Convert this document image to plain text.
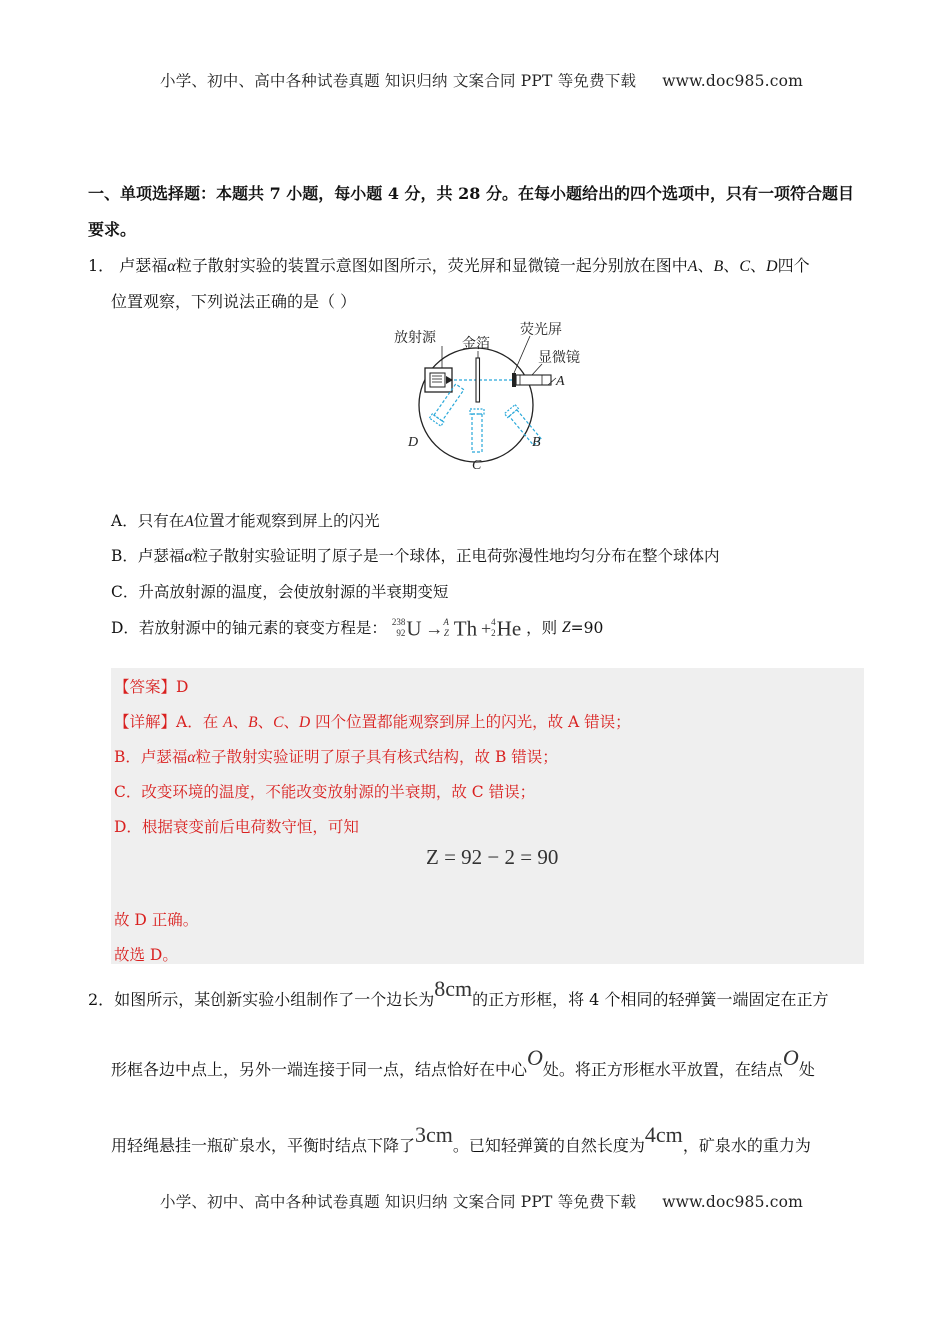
小学、初中、高中各种试卷真题 知识归纳 文案合同 PPT 等免费下载 www.doc985.com
一、单项选择题：本题共 7 小题，每小题 4 分，共 28 分。在每小题给出的四个选项中，只有一项符合题目
要求。
1． 卢瑟福α粒子散射实验的装置示意图如图所示，荧光屏和显微镜一起分别放在图中A、B、C、D四个
位置观察，下列说法正确的是（ ）
放射源 金箔
荧光屏
显微镜
A
B
C
D
A．只有在A位置才能观察到屏上的闪光
B．卢瑟福α粒子散射实验证明了原子是一个球体，正电荷弥漫性地均匀分布在整个球体内
C．升高放射源的温度，会使放射源的半衰期变短
D．若放射源中的铀元素的衰变方程是： 238
92 U → A
Z Th + 4
2 He ，则 Z=90
【答案】D
【详解】A．在 A、B、C、D 四个位置都能观察到屏上的闪光，故 A 错误；
B．卢瑟福α粒子散射实验证明了原子具有核式结构，故 B 错误；
C．改变环境的温度，不能改变放射源的半衰期，故 C 错误；
D．根据衰变前后电荷数守恒，可知
Z = 92 − 2 = 90
故 D 正确。
故选 D。
2．如图所示，某创新实验小组制作了一个边长为8cm的正方形框，将 4 个相同的轻弹簧一端固定在正方
形框各边中点上，另外一端连接于同一点，结点恰好在中心O处。将正方形框水平放置，在结点O处
用轻绳悬挂一瓶矿泉水，平衡时结点下降了3cm。已知轻弹簧的自然长度为4cm，矿泉水的重力为
小学、初中、高中各种试卷真题 知识归纳 文案合同 PPT 等免费下载 www.doc985.com
